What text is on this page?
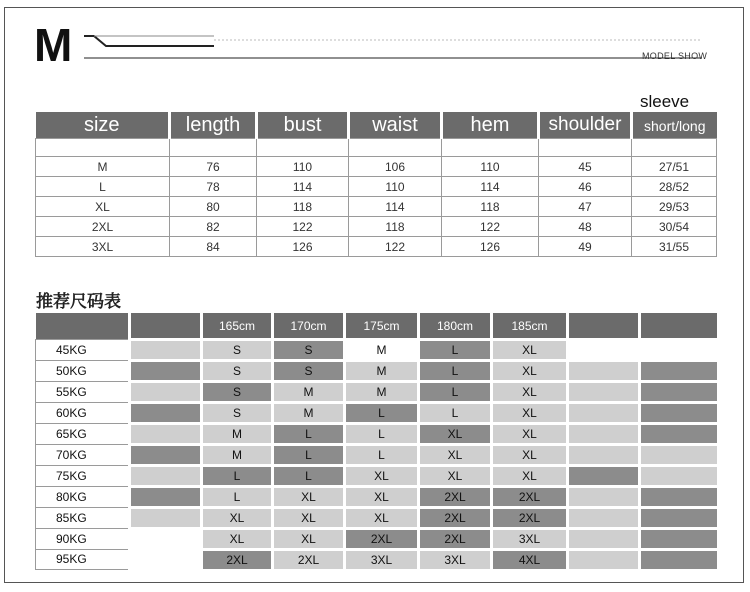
M	MODEL SHOW
sleeve
size	length	bust	waist	hem	shoulder	short/long

M	76	110	106	110	45	27/51
L	78	114	110	114	46	28/52
XL	80	118	114	118	47	29/53
2XL	82	122	118	122	48	30/54
3XL	84	126	122	126	49	31/55
推荐尺码表
		165cm	170cm	175cm	180cm	185cm		
45KG		S	S	M	L	XL		
50KG		S	S	M	L	XL		
55KG		S	M	M	L	XL		
60KG		S	M	L	L	XL		
65KG		M	L	L	XL	XL		
70KG		M	L	L	XL	XL		
75KG		L	L	XL	XL	XL		
80KG		L	XL	XL	2XL	2XL		
85KG		XL	XL	XL	2XL	2XL		
90KG		XL	XL	2XL	2XL	3XL		
95KG		2XL	2XL	3XL	3XL	4XL		
